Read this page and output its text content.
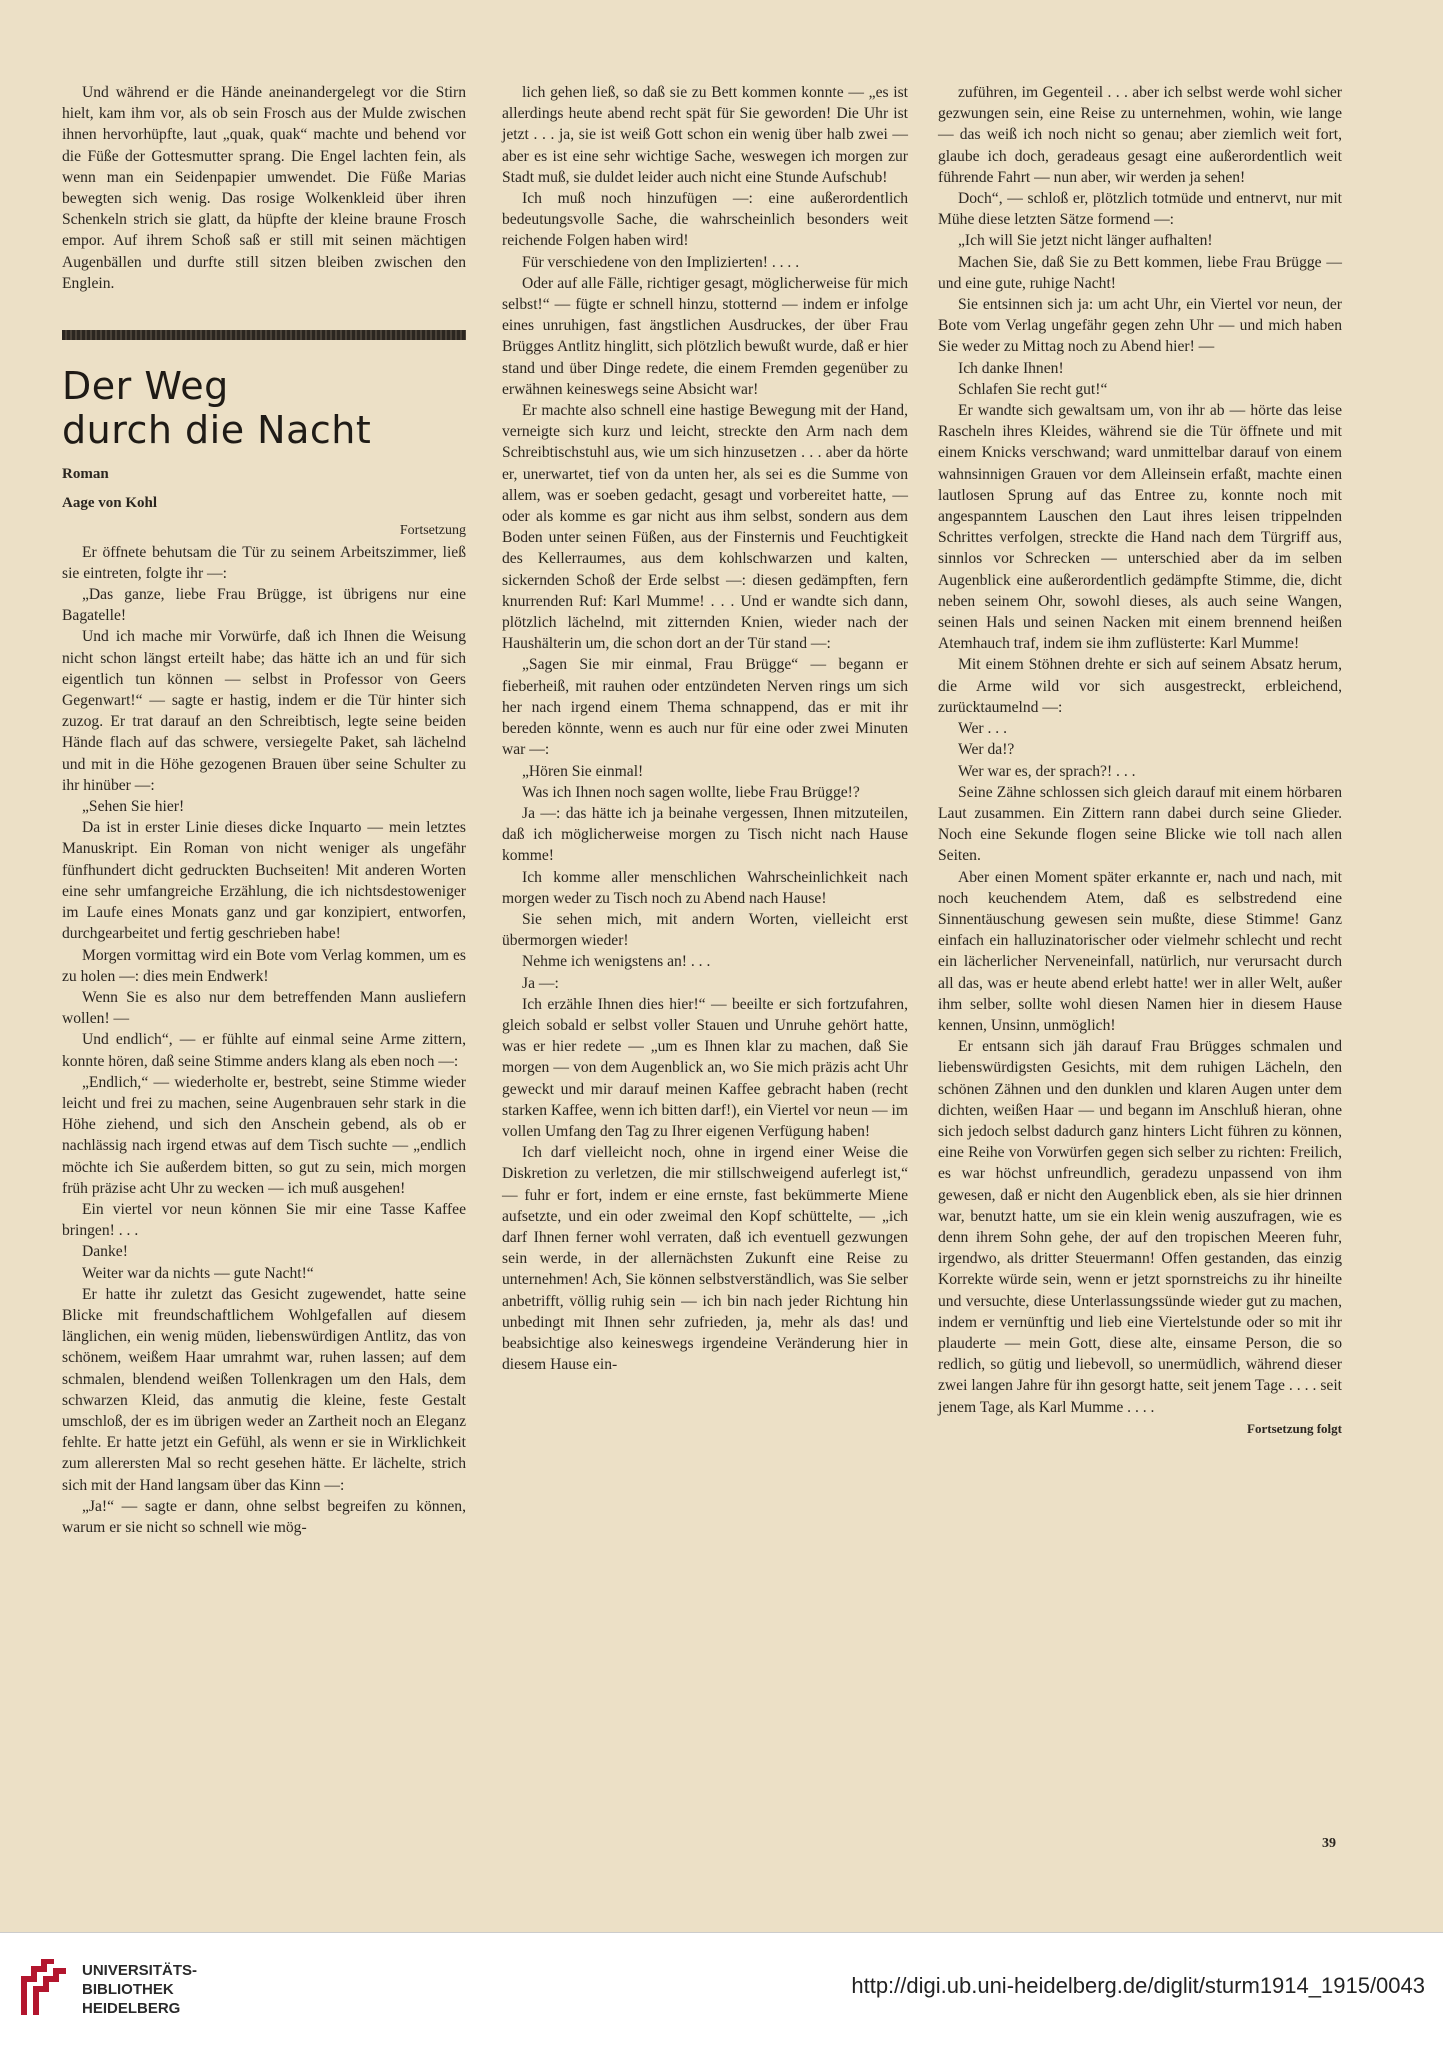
Und während er die Hände aneinandergelegt vor die Stirn hielt, kam ihm vor, als ob sein Frosch aus der Mulde zwischen ihnen hervorhüpfte, laut „quak, quak“ machte und behend vor die Füße der Gottesmutter sprang. Die Engel lachten fein, als wenn man ein Seidenpapier umwendet. Die Füße Marias bewegten sich wenig. Das rosige Wolkenkleid über ihren Schenkeln strich sie glatt, da hüpfte der kleine braune Frosch empor. Auf ihrem Schoß saß er still mit seinen mächtigen Augenbällen und durfte still sitzen bleiben zwischen den Englein.

Der Weg
durch die Nacht
Roman
Aage von Kohl
Fortsetzung

Er öffnete behutsam die Tür zu seinem Arbeitszimmer, ließ sie eintreten, folgte ihr —:

„Das ganze, liebe Frau Brügge, ist übrigens nur eine Bagatelle!

Und ich mache mir Vorwürfe, daß ich Ihnen die Weisung nicht schon längst erteilt habe; das hätte ich an und für sich eigentlich tun können — selbst in Professor von Geers Gegenwart!“ — sagte er hastig, indem er die Tür hinter sich zuzog. Er trat darauf an den Schreibtisch, legte seine beiden Hände flach auf das schwere, versiegelte Paket, sah lächelnd und mit in die Höhe gezogenen Brauen über seine Schulter zu ihr hinüber —:

„Sehen Sie hier!

Da ist in erster Linie dieses dicke Inquarto — mein letztes Manuskript. Ein Roman von nicht weniger als ungefähr fünfhundert dicht gedruckten Buchseiten! Mit anderen Worten eine sehr umfangreiche Erzählung, die ich nichtsdestoweniger im Laufe eines Monats ganz und gar konzipiert, entworfen, durchgearbeitet und fertig geschrieben habe!

Morgen vormittag wird ein Bote vom Verlag kommen, um es zu holen —: dies mein Endwerk!

Wenn Sie es also nur dem betreffenden Mann ausliefern wollen! —

Und endlich“, — er fühlte auf einmal seine Arme zittern, konnte hören, daß seine Stimme anders klang als eben noch —:

„Endlich,“ — wiederholte er, bestrebt, seine Stimme wieder leicht und frei zu machen, seine Augenbrauen sehr stark in die Höhe ziehend, und sich den Anschein gebend, als ob er nachlässig nach irgend etwas auf dem Tisch suchte — „endlich möchte ich Sie außerdem bitten, so gut zu sein, mich morgen früh präzise acht Uhr zu wecken — ich muß ausgehen!

Ein viertel vor neun können Sie mir eine Tasse Kaffee bringen! . . .

Danke!

Weiter war da nichts — gute Nacht!“

Er hatte ihr zuletzt das Gesicht zugewendet, hatte seine Blicke mit freundschaftlichem Wohlgefallen auf diesem länglichen, ein wenig müden, liebenswürdigen Antlitz, das von schönem, weißem Haar umrahmt war, ruhen lassen; auf dem schmalen, blendend weißen Tollenkragen um den Hals, dem schwarzen Kleid, das anmutig die kleine, feste Gestalt umschloß, der es im übrigen weder an Zartheit noch an Eleganz fehlte. Er hatte jetzt ein Gefühl, als wenn er sie in Wirklichkeit zum allerersten Mal so recht gesehen hätte. Er lächelte, strich sich mit der Hand langsam über das Kinn —:

„Ja!“ — sagte er dann, ohne selbst begreifen zu können, warum er sie nicht so schnell wie mög-

lich gehen ließ, so daß sie zu Bett kommen konnte — „es ist allerdings heute abend recht spät für Sie geworden! Die Uhr ist jetzt . . . ja, sie ist weiß Gott schon ein wenig über halb zwei — aber es ist eine sehr wichtige Sache, weswegen ich morgen zur Stadt muß, sie duldet leider auch nicht eine Stunde Aufschub!

Ich muß noch hinzufügen —: eine außerordentlich bedeutungsvolle Sache, die wahrscheinlich besonders weit reichende Folgen haben wird!

Für verschiedene von den Implizierten! . . . .

Oder auf alle Fälle, richtiger gesagt, möglicherweise für mich selbst!“ — fügte er schnell hinzu, stotternd — indem er infolge eines unruhigen, fast ängstlichen Ausdruckes, der über Frau Brügges Antlitz hinglitt, sich plötzlich bewußt wurde, daß er hier stand und über Dinge redete, die einem Fremden gegenüber zu erwähnen keineswegs seine Absicht war!

Er machte also schnell eine hastige Bewegung mit der Hand, verneigte sich kurz und leicht, streckte den Arm nach dem Schreibtischstuhl aus, wie um sich hinzusetzen . . . aber da hörte er, unerwartet, tief von da unten her, als sei es die Summe von allem, was er soeben gedacht, gesagt und vorbereitet hatte, — oder als komme es gar nicht aus ihm selbst, sondern aus dem Boden unter seinen Füßen, aus der Finsternis und Feuchtigkeit des Kellerraumes, aus dem kohlschwarzen und kalten, sickernden Schoß der Erde selbst —: diesen gedämpften, fern knurrenden Ruf: Karl Mumme! . . . Und er wandte sich dann, plötzlich lächelnd, mit zitternden Knien, wieder nach der Haushälterin um, die schon dort an der Tür stand —:

„Sagen Sie mir einmal, Frau Brügge“ — begann er fieberheiß, mit rauhen oder entzündeten Nerven rings um sich her nach irgend einem Thema schnappend, das er mit ihr bereden könnte, wenn es auch nur für eine oder zwei Minuten war —:

„Hören Sie einmal!

Was ich Ihnen noch sagen wollte, liebe Frau Brügge!?

Ja —: das hätte ich ja beinahe vergessen, Ihnen mitzuteilen, daß ich möglicherweise morgen zu Tisch nicht nach Hause komme!

Ich komme aller menschlichen Wahrscheinlichkeit nach morgen weder zu Tisch noch zu Abend nach Hause!

Sie sehen mich, mit andern Worten, vielleicht erst übermorgen wieder!

Nehme ich wenigstens an! . . .

Ja —:

Ich erzähle Ihnen dies hier!“ — beeilte er sich fortzufahren, gleich sobald er selbst voller Stauen und Unruhe gehört hatte, was er hier redete — „um es Ihnen klar zu machen, daß Sie morgen — von dem Augenblick an, wo Sie mich präzis acht Uhr geweckt und mir darauf meinen Kaffee gebracht haben (recht starken Kaffee, wenn ich bitten darf!), ein Viertel vor neun — im vollen Umfang den Tag zu Ihrer eigenen Verfügung haben!

Ich darf vielleicht noch, ohne in irgend einer Weise die Diskretion zu verletzen, die mir stillschweigend auferlegt ist,“ — fuhr er fort, indem er eine ernste, fast bekümmerte Miene aufsetzte, und ein oder zweimal den Kopf schüttelte, — „ich darf Ihnen ferner wohl verraten, daß ich eventuell gezwungen sein werde, in der allernächsten Zukunft eine Reise zu unternehmen! Ach, Sie können selbstverständlich, was Sie selber anbetrifft, völlig ruhig sein — ich bin nach jeder Richtung hin unbedingt mit Ihnen sehr zufrieden, ja, mehr als das! und beabsichtige also keineswegs irgendeine Veränderung hier in diesem Hause ein-

zuführen, im Gegenteil . . . aber ich selbst werde wohl sicher gezwungen sein, eine Reise zu unternehmen, wohin, wie lange — das weiß ich noch nicht so genau; aber ziemlich weit fort, glaube ich doch, geradeaus gesagt eine außerordentlich weit führende Fahrt — nun aber, wir werden ja sehen!

Doch“, — schloß er, plötzlich totmüde und entnervt, nur mit Mühe diese letzten Sätze formend —:

„Ich will Sie jetzt nicht länger aufhalten!

Machen Sie, daß Sie zu Bett kommen, liebe Frau Brügge — und eine gute, ruhige Nacht!

Sie entsinnen sich ja: um acht Uhr, ein Viertel vor neun, der Bote vom Verlag ungefähr gegen zehn Uhr — und mich haben Sie weder zu Mittag noch zu Abend hier! —

Ich danke Ihnen!

Schlafen Sie recht gut!“

Er wandte sich gewaltsam um, von ihr ab — hörte das leise Rascheln ihres Kleides, während sie die Tür öffnete und mit einem Knicks verschwand; ward unmittelbar darauf von einem wahnsinnigen Grauen vor dem Alleinsein erfaßt, machte einen lautlosen Sprung auf das Entree zu, konnte noch mit angespanntem Lauschen den Laut ihres leisen trippelnden Schrittes verfolgen, streckte die Hand nach dem Türgriff aus, sinnlos vor Schrecken — unterschied aber da im selben Augenblick eine außerordentlich gedämpfte Stimme, die, dicht neben seinem Ohr, sowohl dieses, als auch seine Wangen, seinen Hals und seinen Nacken mit einem brennend heißen Atemhauch traf, indem sie ihm zuflüsterte: Karl Mumme!

Mit einem Stöhnen drehte er sich auf seinem Absatz herum, die Arme wild vor sich ausgestreckt, erbleichend, zurücktaumelnd —:

Wer . . .

Wer da!?

Wer war es, der sprach?! . . .

Seine Zähne schlossen sich gleich darauf mit einem hörbaren Laut zusammen. Ein Zittern rann dabei durch seine Glieder. Noch eine Sekunde flogen seine Blicke wie toll nach allen Seiten.

Aber einen Moment später erkannte er, nach und nach, mit noch keuchendem Atem, daß es selbstredend eine Sinnentäuschung gewesen sein mußte, diese Stimme! Ganz einfach ein halluzinatorischer oder vielmehr schlecht und recht ein lächerlicher Nerveneinfall, natürlich, nur verursacht durch all das, was er heute abend erlebt hatte! wer in aller Welt, außer ihm selber, sollte wohl diesen Namen hier in diesem Hause kennen, Unsinn, unmöglich!

Er entsann sich jäh darauf Frau Brügges schmalen und liebenswürdigsten Gesichts, mit dem ruhigen Lächeln, den schönen Zähnen und den dunklen und klaren Augen unter dem dichten, weißen Haar — und begann im Anschluß hieran, ohne sich jedoch selbst dadurch ganz hinters Licht führen zu können, eine Reihe von Vorwürfen gegen sich selber zu richten: Freilich, es war höchst unfreundlich, geradezu unpassend von ihm gewesen, daß er nicht den Augenblick eben, als sie hier drinnen war, benutzt hatte, um sie ein klein wenig auszufragen, wie es denn ihrem Sohn gehe, der auf den tropischen Meeren fuhr, irgendwo, als dritter Steuermann! Offen gestanden, das einzig Korrekte würde sein, wenn er jetzt spornstreichs zu ihr hineilte und versuchte, diese Unterlassungssünde wieder gut zu machen, indem er vernünftig und lieb eine Viertelstunde oder so mit ihr plauderte — mein Gott, diese alte, einsame Person, die so redlich, so gütig und liebevoll, so unermüdlich, während dieser zwei langen Jahre für ihn gesorgt hatte, seit jenem Tage . . . . seit jenem Tage, als Karl Mumme . . . .

Fortsetzung folgt
39
UNIVERSITÄTS-
BIBLIOTHEK
HEIDELBERG
http://digi.ub.uni-heidelberg.de/diglit/sturm1914_1915/0043
